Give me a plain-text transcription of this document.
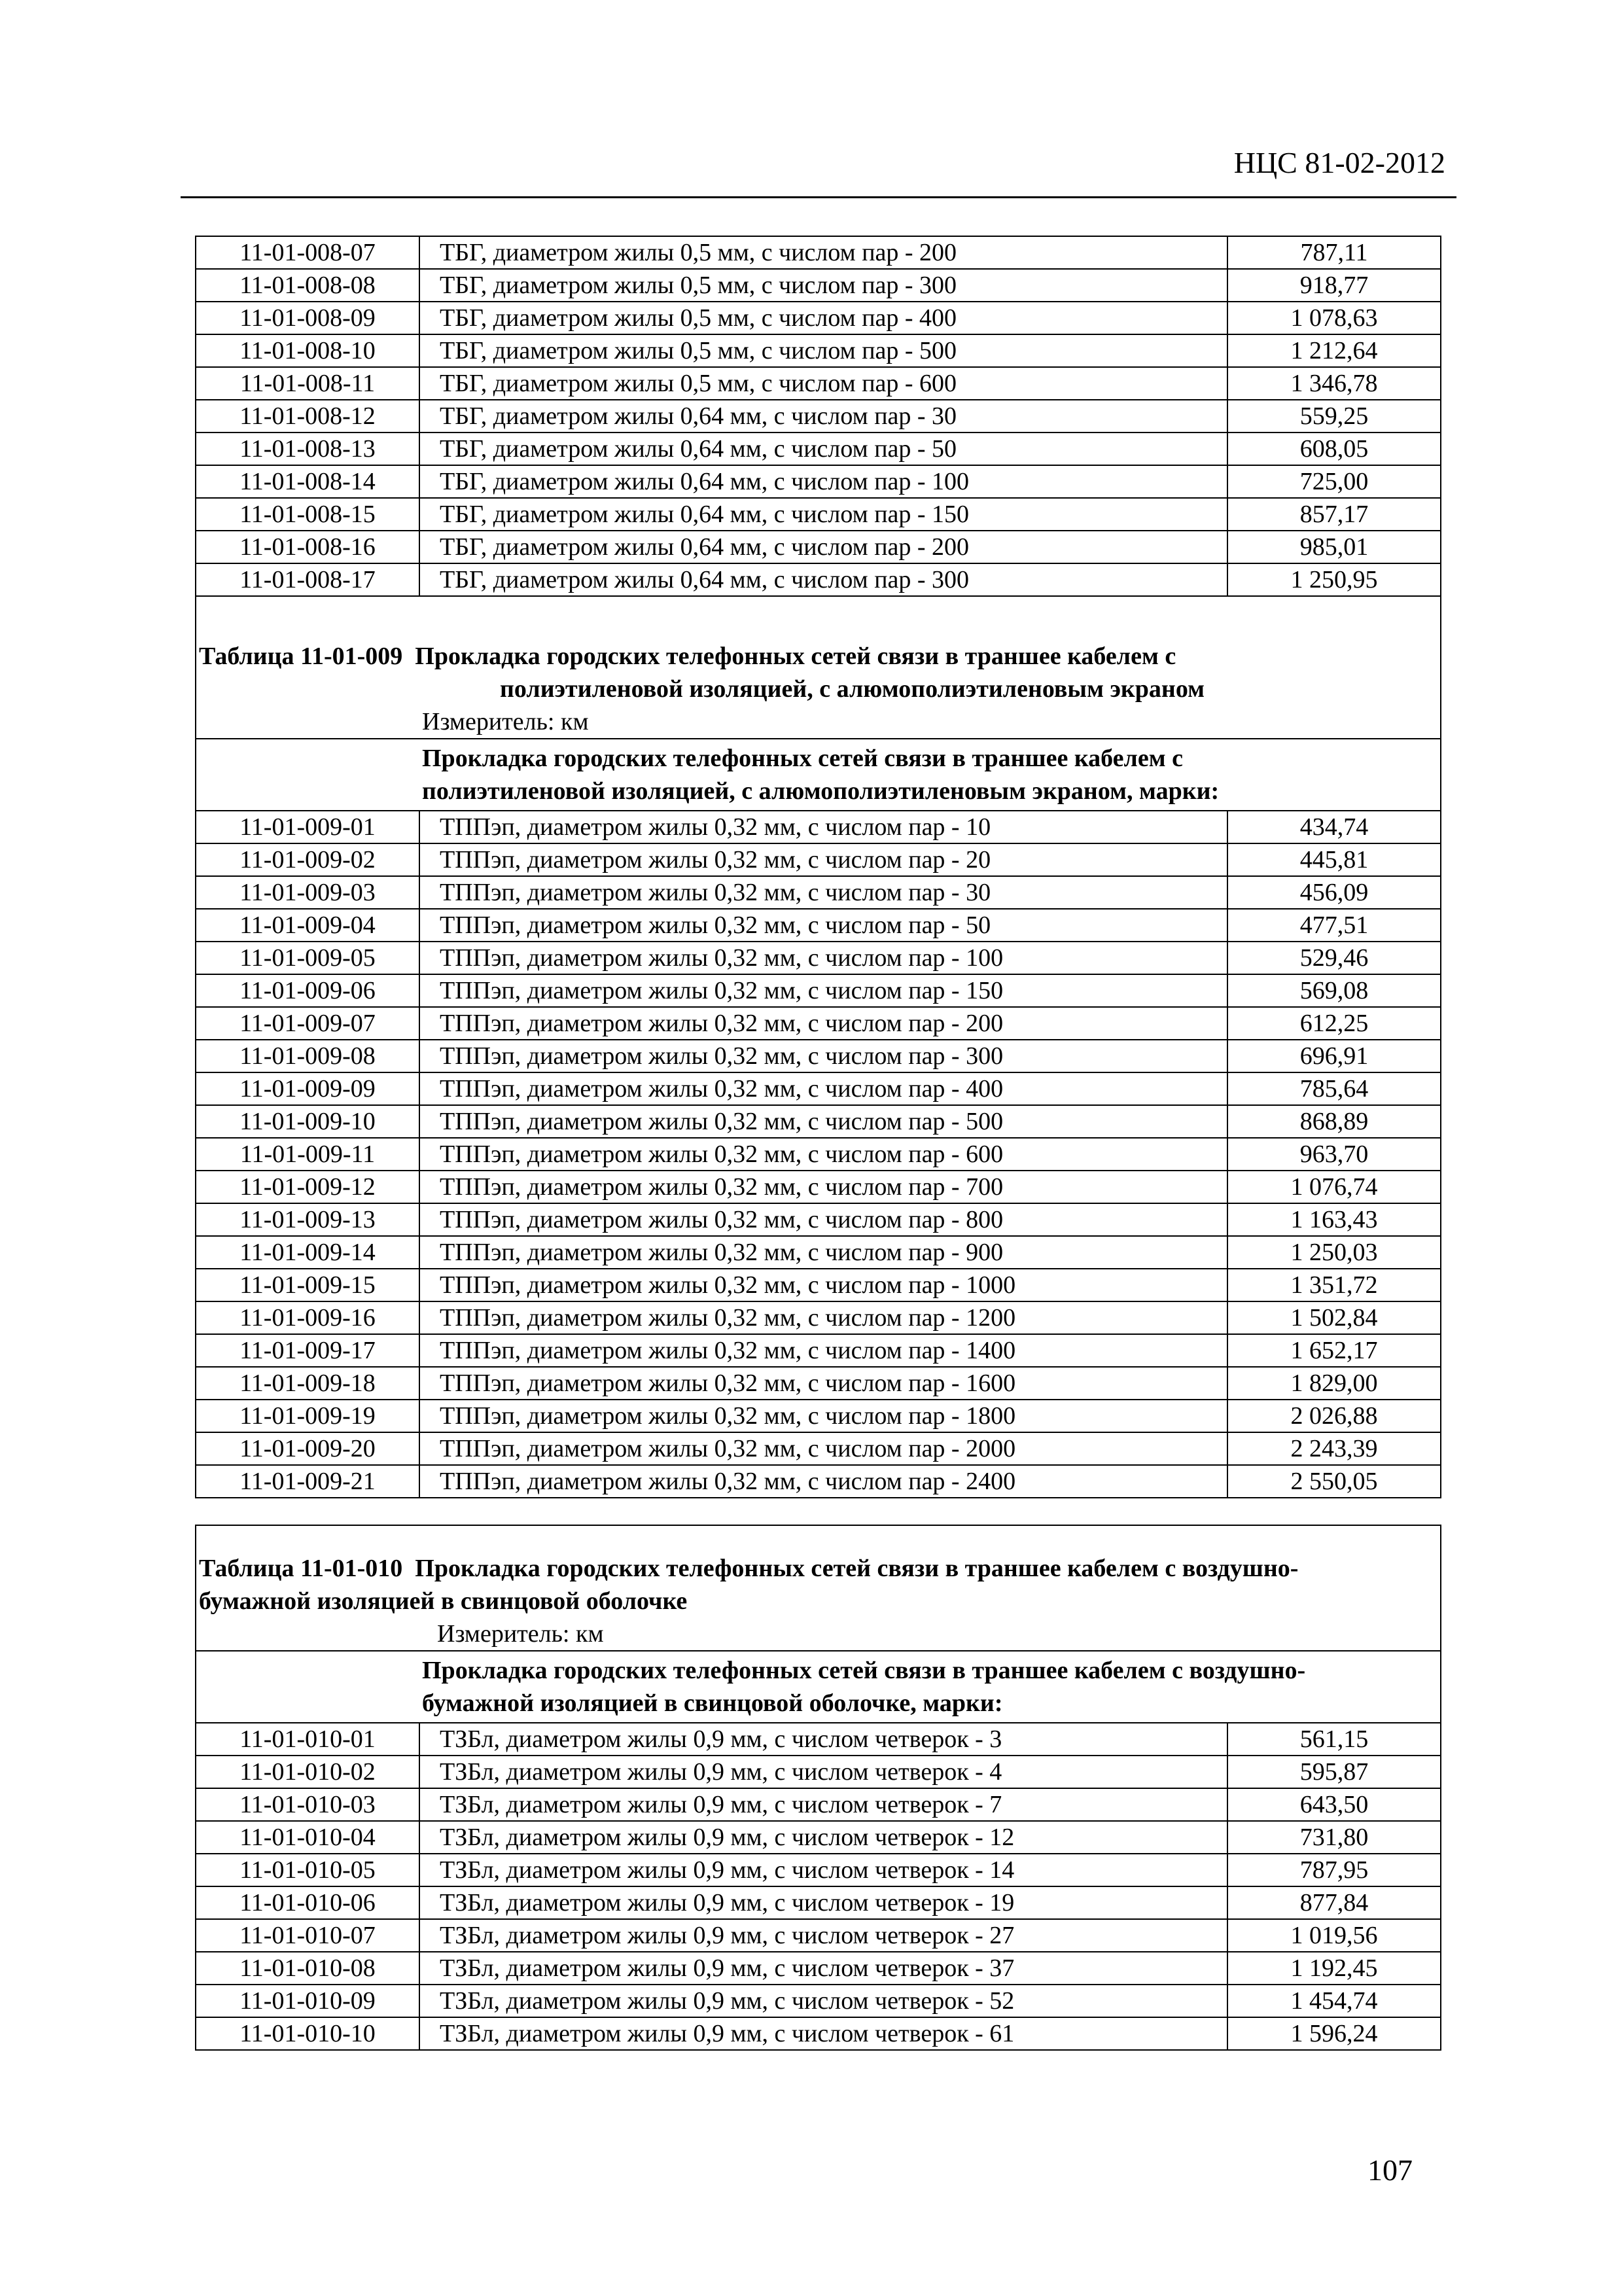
НЦС 81-02-2012
11-01-008-07	ТБГ, диаметром жилы 0,5 мм, с числом пар - 200	787,11
11-01-008-08	ТБГ, диаметром жилы 0,5 мм, с числом пар - 300	918,77
11-01-008-09	ТБГ, диаметром жилы 0,5 мм, с числом пар - 400	1 078,63
11-01-008-10	ТБГ, диаметром жилы 0,5 мм, с числом пар - 500	1 212,64
11-01-008-11	ТБГ, диаметром жилы 0,5 мм, с числом пар - 600	1 346,78
11-01-008-12	ТБГ, диаметром жилы 0,64 мм, с числом пар - 30	559,25
11-01-008-13	ТБГ, диаметром жилы 0,64 мм, с числом пар - 50	608,05
11-01-008-14	ТБГ, диаметром жилы 0,64 мм, с числом пар - 100	725,00
11-01-008-15	ТБГ, диаметром жилы 0,64 мм, с числом пар - 150	857,17
11-01-008-16	ТБГ, диаметром жилы 0,64 мм, с числом пар - 200	985,01
11-01-008-17	ТБГ, диаметром жилы 0,64 мм, с числом пар - 300	1 250,95

Таблица 11-01-009 Прокладка городских телефонных сетей связи в траншее кабелем с
полиэтиленовой изоляцией, с алюмополиэтиленовым экраном		

Измеритель: км		

Прокладка городских телефонных сетей связи в траншее кабелем с
полиэтиленовой изоляцией, с алюмополиэтиленовым экраном, марки:		

11-01-009-01	ТППэп, диаметром жилы 0,32 мм, с числом пар - 10	434,74
11-01-009-02	ТППэп, диаметром жилы 0,32 мм, с числом пар - 20	445,81
11-01-009-03	ТППэп, диаметром жилы 0,32 мм, с числом пар - 30	456,09
11-01-009-04	ТППэп, диаметром жилы 0,32 мм, с числом пар - 50	477,51
11-01-009-05	ТППэп, диаметром жилы 0,32 мм, с числом пар - 100	529,46
11-01-009-06	ТППэп, диаметром жилы 0,32 мм, с числом пар - 150	569,08
11-01-009-07	ТППэп, диаметром жилы 0,32 мм, с числом пар - 200	612,25
11-01-009-08	ТППэп, диаметром жилы 0,32 мм, с числом пар - 300	696,91
11-01-009-09	ТППэп, диаметром жилы 0,32 мм, с числом пар - 400	785,64
11-01-009-10	ТППэп, диаметром жилы 0,32 мм, с числом пар - 500	868,89
11-01-009-11	ТППэп, диаметром жилы 0,32 мм, с числом пар - 600	963,70
11-01-009-12	ТППэп, диаметром жилы 0,32 мм, с числом пар - 700	1 076,74
11-01-009-13	ТППэп, диаметром жилы 0,32 мм, с числом пар - 800	1 163,43
11-01-009-14	ТППэп, диаметром жилы 0,32 мм, с числом пар - 900	1 250,03
11-01-009-15	ТППэп, диаметром жилы 0,32 мм, с числом пар - 1000	1 351,72
11-01-009-16	ТППэп, диаметром жилы 0,32 мм, с числом пар - 1200	1 502,84
11-01-009-17	ТППэп, диаметром жилы 0,32 мм, с числом пар - 1400	1 652,17
11-01-009-18	ТППэп, диаметром жилы 0,32 мм, с числом пар - 1600	1 829,00
11-01-009-19	ТППэп, диаметром жилы 0,32 мм, с числом пар - 1800	2 026,88
11-01-009-20	ТППэп, диаметром жилы 0,32 мм, с числом пар - 2000	2 243,39
11-01-009-21	ТППэп, диаметром жилы 0,32 мм, с числом пар - 2400	2 550,05

Таблица 11-01-010 Прокладка городских телефонных сетей связи в траншее кабелем с воздушно-
бумажной изоляцией в свинцовой оболочке		

Измеритель: км		

Прокладка городских телефонных сетей связи в траншее кабелем с воздушно-
бумажной изоляцией в свинцовой оболочке, марки:		

11-01-010-01	ТЗБл, диаметром жилы 0,9 мм, с числом четверок - 3	561,15
11-01-010-02	ТЗБл, диаметром жилы 0,9 мм, с числом четверок - 4	595,87
11-01-010-03	ТЗБл, диаметром жилы 0,9 мм, с числом четверок - 7	643,50
11-01-010-04	ТЗБл, диаметром жилы 0,9 мм, с числом четверок - 12	731,80
11-01-010-05	ТЗБл, диаметром жилы 0,9 мм, с числом четверок - 14	787,95
11-01-010-06	ТЗБл, диаметром жилы 0,9 мм, с числом четверок - 19	877,84
11-01-010-07	ТЗБл, диаметром жилы 0,9 мм, с числом четверок - 27	1 019,56
11-01-010-08	ТЗБл, диаметром жилы 0,9 мм, с числом четверок - 37	1 192,45
11-01-010-09	ТЗБл, диаметром жилы 0,9 мм, с числом четверок - 52	1 454,74
11-01-010-10	ТЗБл, диаметром жилы 0,9 мм, с числом четверок - 61	1 596,24
107
